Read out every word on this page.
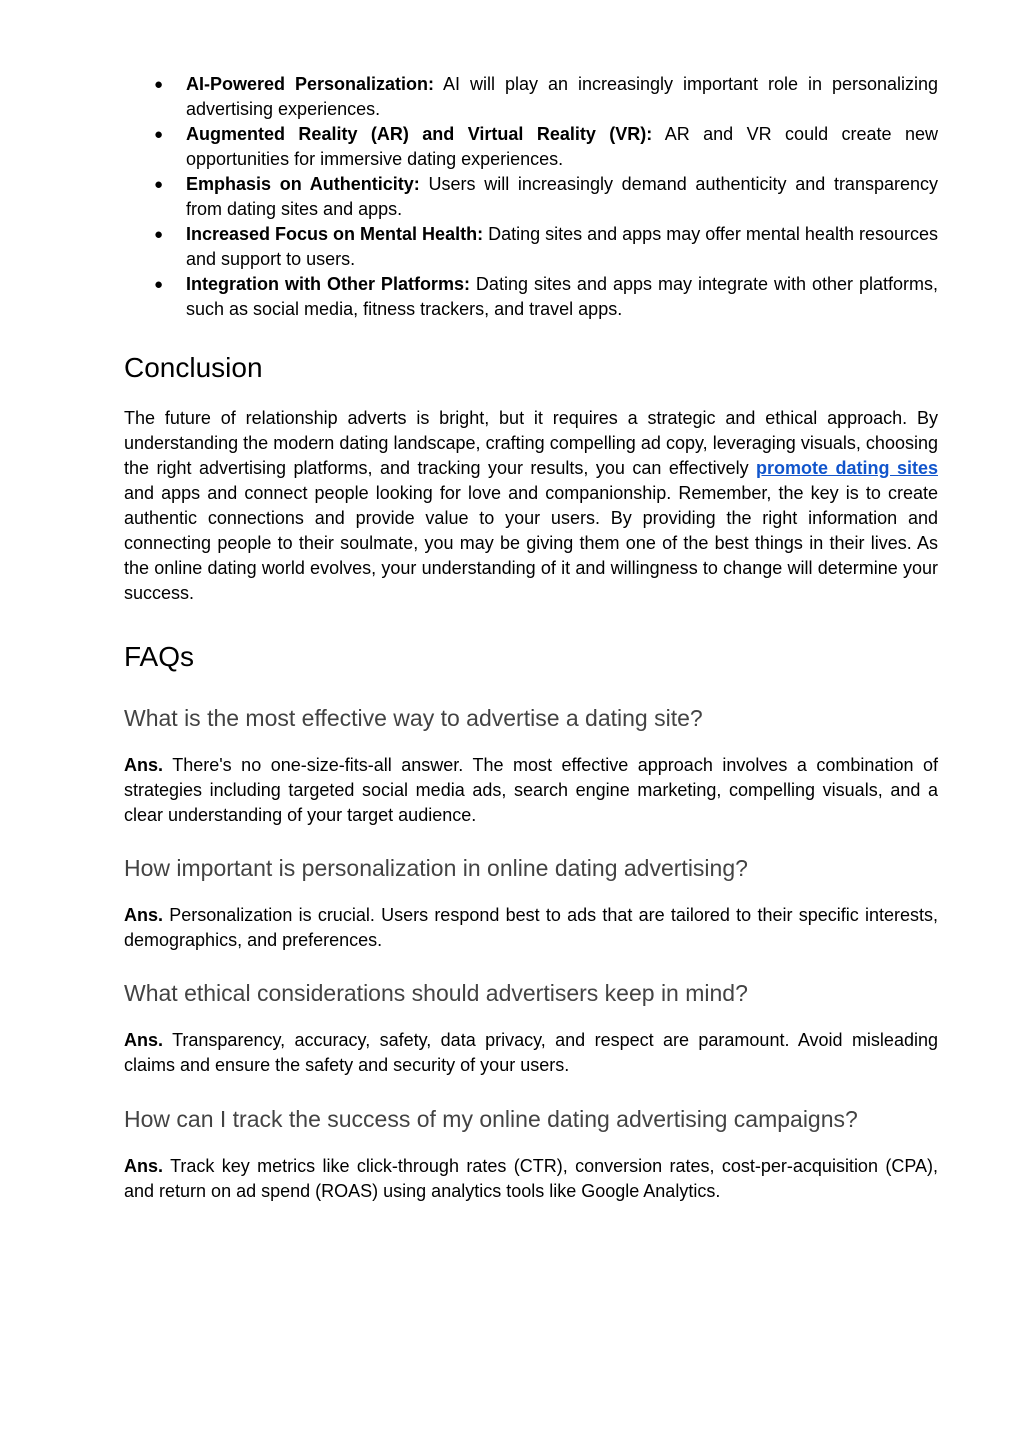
● AI-Powered Personalization: AI will play an increasingly important role in personalizing advertising experiences.
● Augmented Reality (AR) and Virtual Reality (VR): AR and VR could create new opportunities for immersive dating experiences.
● Emphasis on Authenticity: Users will increasingly demand authenticity and transparency from dating sites and apps.
● Increased Focus on Mental Health: Dating sites and apps may offer mental health resources and support to users.
● Integration with Other Platforms: Dating sites and apps may integrate with other platforms, such as social media, fitness trackers, and travel apps.
Conclusion

The future of relationship adverts is bright, but it requires a strategic and ethical approach. By understanding the modern dating landscape, crafting compelling ad copy, leveraging visuals, choosing the right advertising platforms, and tracking your results, you can effectively promote dating sites and apps and connect people looking for love and companionship. Remember, the key is to create authentic connections and provide value to your users. By providing the right information and connecting people to their soulmate, you may be giving them one of the best things in their lives. As the online dating world evolves, your understanding of it and willingness to change will determine your success.

FAQs
What is the most effective way to advertise a dating site?

Ans. There's no one-size-fits-all answer. The most effective approach involves a combination of strategies including targeted social media ads, search engine marketing, compelling visuals, and a clear understanding of your target audience.

How important is personalization in online dating advertising?

Ans. Personalization is crucial. Users respond best to ads that are tailored to their specific interests, demographics, and preferences.

What ethical considerations should advertisers keep in mind?

Ans. Transparency, accuracy, safety, data privacy, and respect are paramount. Avoid misleading claims and ensure the safety and security of your users.

How can I track the success of my online dating advertising campaigns?

Ans. Track key metrics like click-through rates (CTR), conversion rates, cost-per-acquisition (CPA), and return on ad spend (ROAS) using analytics tools like Google Analytics.
